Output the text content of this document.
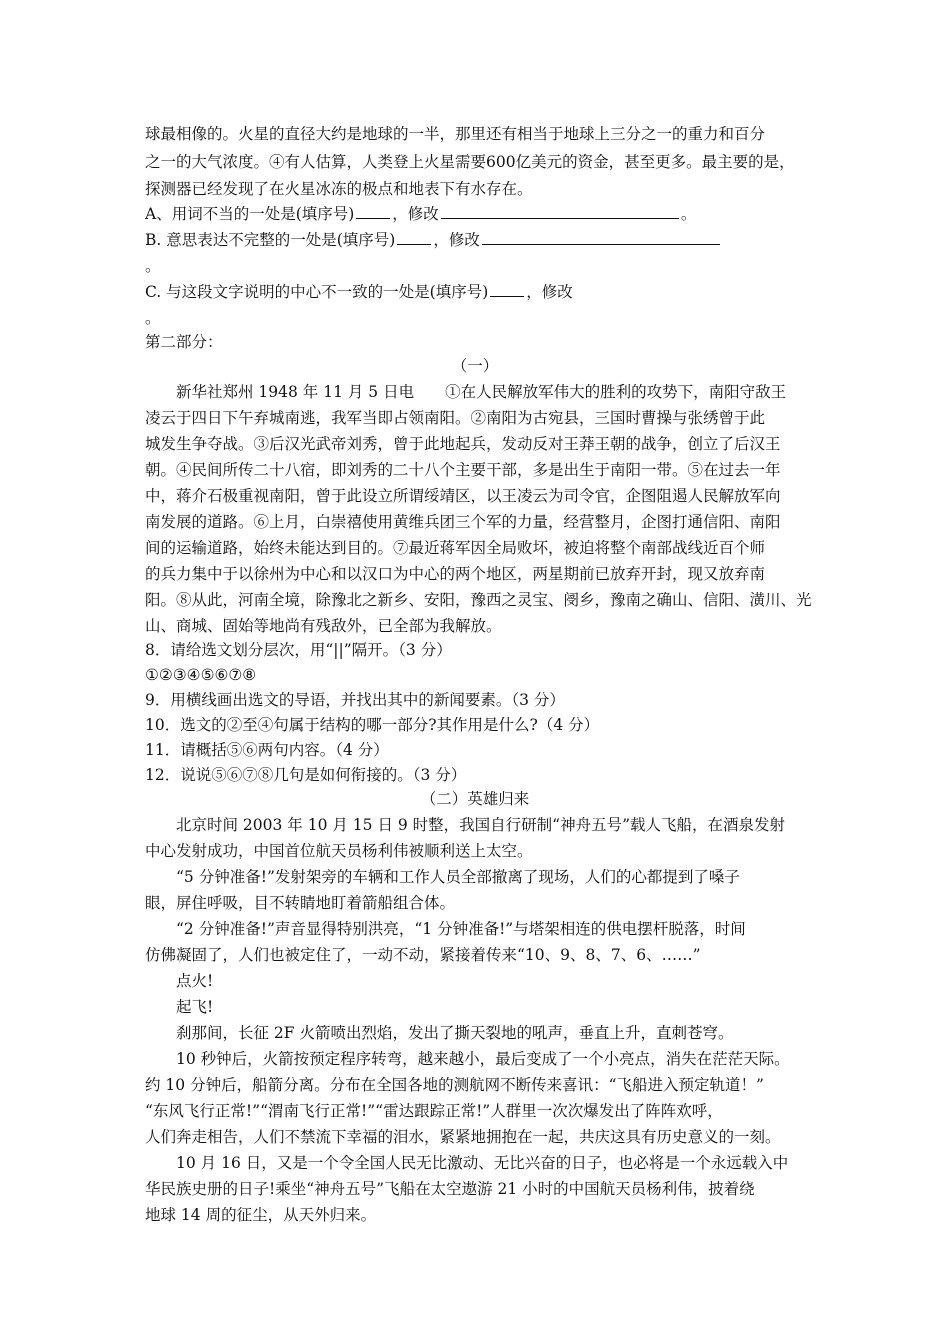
球最相像的。火星的直径大约是地球的一半，那里还有相当于地球上三分之一的重力和百分
之一的大气浓度。④有人估算，人类登上火星需要600亿美元的资金，甚至更多。最主要的是，
探测器已经发现了在火星冰冻的极点和地表下有水存在。
A、用词不当的一处是(填序号) ，修改	。
B. 意思表达不完整的一处是(填序号) ，修改
。
C. 与这段文字说明的中心不一致的一处是(填序号) ，修改
。
第二部分：
（一）
新华社郑州 1948 年 11 月 5 日电　　①在人民解放军伟大的胜利的攻势下，南阳守敌王
凌云于四日下午弃城南逃，我军当即占领南阳。②南阳为古宛县，三国时曹操与张绣曾于此
城发生争夺战。③后汉光武帝刘秀，曾于此地起兵，发动反对王莽王朝的战争，创立了后汉王
朝。④民间所传二十八宿，即刘秀的二十八个主要干部，多是出生于南阳一带。⑤在过去一年
中，蒋介石极重视南阳，曾于此设立所谓绥靖区，以王凌云为司令官，企图阻遏人民解放军向
南发展的道路。⑥上月，白崇禧使用黄维兵团三个军的力量，经营整月，企图打通信阳、南阳
间的运输道路，始终未能达到目的。⑦最近蒋军因全局败坏，被迫将整个南部战线近百个师
的兵力集中于以徐州为中心和以汉口为中心的两个地区，两星期前已放弃开封，现又放弃南
阳。⑧从此，河南全境，除豫北之新乡、安阳，豫西之灵宝、阌乡，豫南之确山、信阳、潢川、光
山、商城、固始等地尚有残敌外，已全部为我解放。
8．请给选文划分层次，用“||”隔开。（3 分）
①②③④⑤⑥⑦⑧
9．用横线画出选文的导语，并找出其中的新闻要素。（3 分）
10．选文的②至④句属于结构的哪一部分?其作用是什么?（4 分）
11．请概括⑤⑥两句内容。（4 分）
12．说说⑤⑥⑦⑧几句是如何衔接的。（3 分）
（二）英雄归来
北京时间 2003 年 10 月 15 日 9 时整，我国自行研制“神舟五号”载人飞船，在酒泉发射
中心发射成功，中国首位航天员杨利伟被顺利送上太空。
“5 分钟准备!”发射架旁的车辆和工作人员全部撤离了现场，人们的心都提到了嗓子
眼，屏住呼吸，目不转睛地盯着箭船组合体。
“2 分钟准备!”声音显得特别洪亮，“1 分钟准备!”与塔架相连的供电摆杆脱落，时间
仿佛凝固了，人们也被定住了，一动不动，紧接着传来“10、9、8、7、6、……”
点火!
起飞!
刹那间，长征 2F 火箭喷出烈焰，发出了撕天裂地的吼声，垂直上升，直刺苍穹。
10 秒钟后，火箭按预定程序转弯，越来越小，最后变成了一个小亮点，消失在茫茫天际。
约 10 分钟后，船箭分离。分布在全国各地的测航网不断传来喜讯：“飞船进入预定轨道！”
“东风飞行正常!”“渭南飞行正常!”“雷达跟踪正常!”人群里一次次爆发出了阵阵欢呼，
人们奔走相告，人们不禁流下幸福的泪水，紧紧地拥抱在一起，共庆这具有历史意义的一刻。
10 月 16 日，又是一个令全国人民无比激动、无比兴奋的日子，也必将是一个永远载入中
华民族史册的日子!乘坐“神舟五号”飞船在太空遨游 21 小时的中国航天员杨利伟，披着绕
地球 14 周的征尘，从天外归来。
